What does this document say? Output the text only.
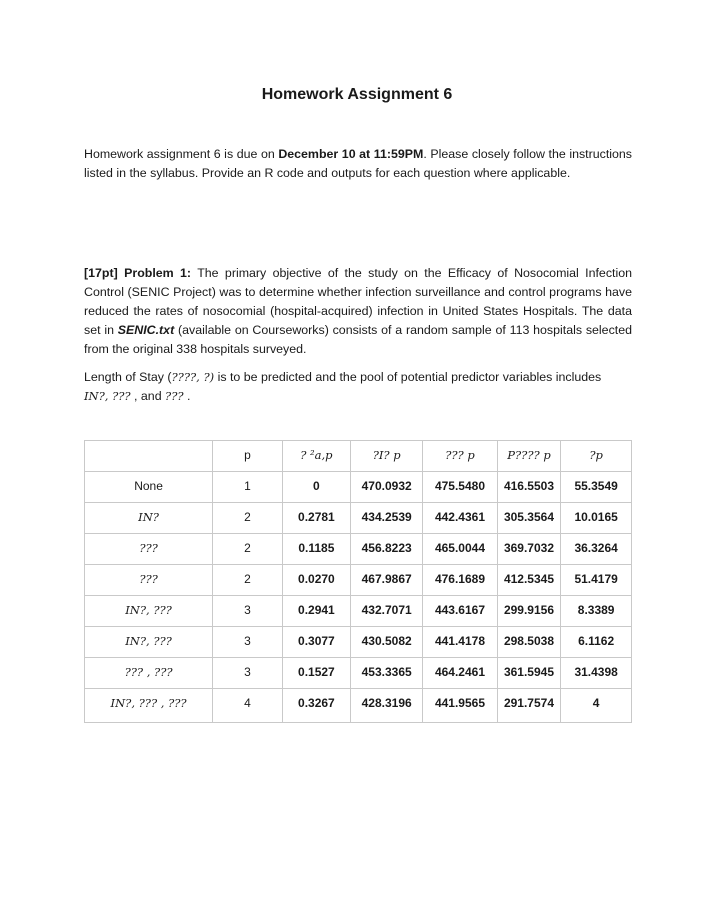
Homework Assignment 6
Homework assignment 6 is due on December 10 at 11:59PM. Please closely follow the instructions listed in the syllabus. Provide an R code and outputs for each question where applicable.
[17pt] Problem 1: The primary objective of the study on the Efficacy of Nosocomial Infection Control (SENIC Project) was to determine whether infection surveillance and control programs have reduced the rates of nosocomial (hospital-acquired) infection in United States Hospitals. The data set in SENIC.txt (available on Courseworks) consists of a random sample of 113 hospitals selected from the original 338 hospitals surveyed.
Length of Stay (????, ?) is to be predicted and the pool of potential predictor variables includes
IN?, ??? , and ??? .
	p	? ²a,p	?I? p	??? p	P???? p	?p
None	1	0	470.0932	475.5480	416.5503	55.3549
IN?	2	0.2781	434.2539	442.4361	305.3564	10.0165
???	2	0.1185	456.8223	465.0044	369.7032	36.3264
???	2	0.0270	467.9867	476.1689	412.5345	51.4179
IN?, ???	3	0.2941	432.7071	443.6167	299.9156	8.3389
IN?, ???	3	0.3077	430.5082	441.4178	298.5038	6.1162
??? , ???	3	0.1527	453.3365	464.2461	361.5945	31.4398
IN?, ??? , ???	4	0.3267	428.3196	441.9565	291.7574	4
